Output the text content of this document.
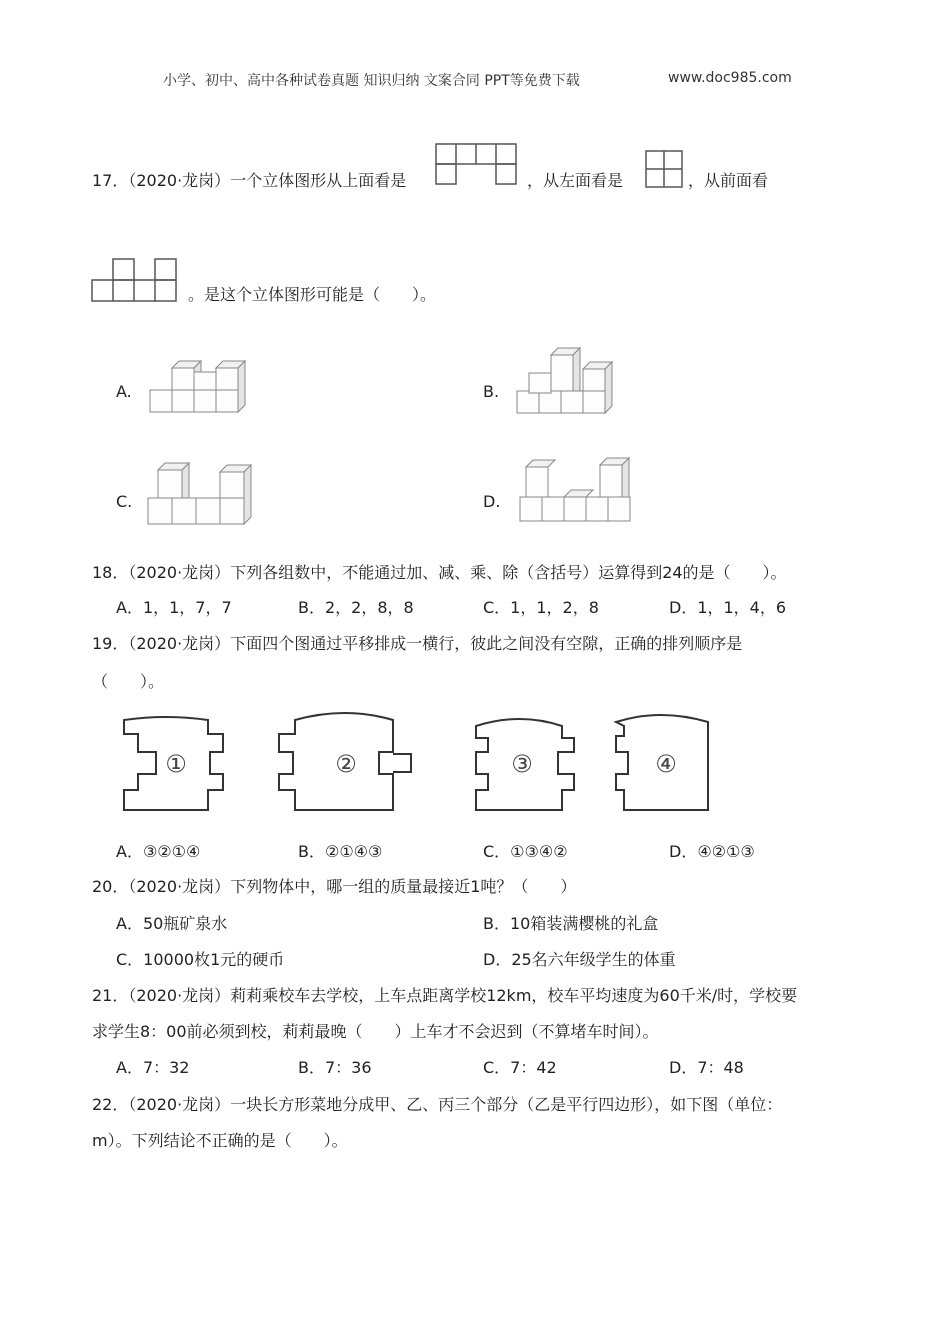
小学、初中、高中各种试卷真题 知识归纳 文案合同 PPT等免费下载	www.doc985.com
17．（2020·龙岗）一个立体图形从上面看是	，从左面看是	，从前面看
。是这个立体图形可能是（　　）。
A.	B.
C.	D.
18．（2020·龙岗）下列各组数中，不能通过加、减、乘、除（含括号）运算得到24的是（　　）。
A．1，1，7，7	B．2，2，8，8	C．1，1，2，8	D．1，1，4，6
19．（2020·龙岗）下面四个图通过平移排成一横行，彼此之间没有空隙，正确的排列顺序是
（　　）。
①	②	③	④
A．③②①④	B．②①④③	C．①③④②	D．④②①③
20．（2020·龙岗）下列物体中，哪一组的质量最接近1吨？（　　）
A．50瓶矿泉水	B．10箱装满樱桃的礼盒
C．10000枚1元的硬币	D．25名六年级学生的体重
21．（2020·龙岗）莉莉乘校车去学校，上车点距离学校12km，校车平均速度为60千米/时，学校要
求学生8：00前必须到校，莉莉最晚（　　）上车才不会迟到（不算堵车时间）。
A．7：32	B．7：36	C．7：42	D．7：48
22．（2020·龙岗）一块长方形菜地分成甲、乙、丙三个部分（乙是平行四边形），如下图（单位：
m）。下列结论不正确的是（　　）。
